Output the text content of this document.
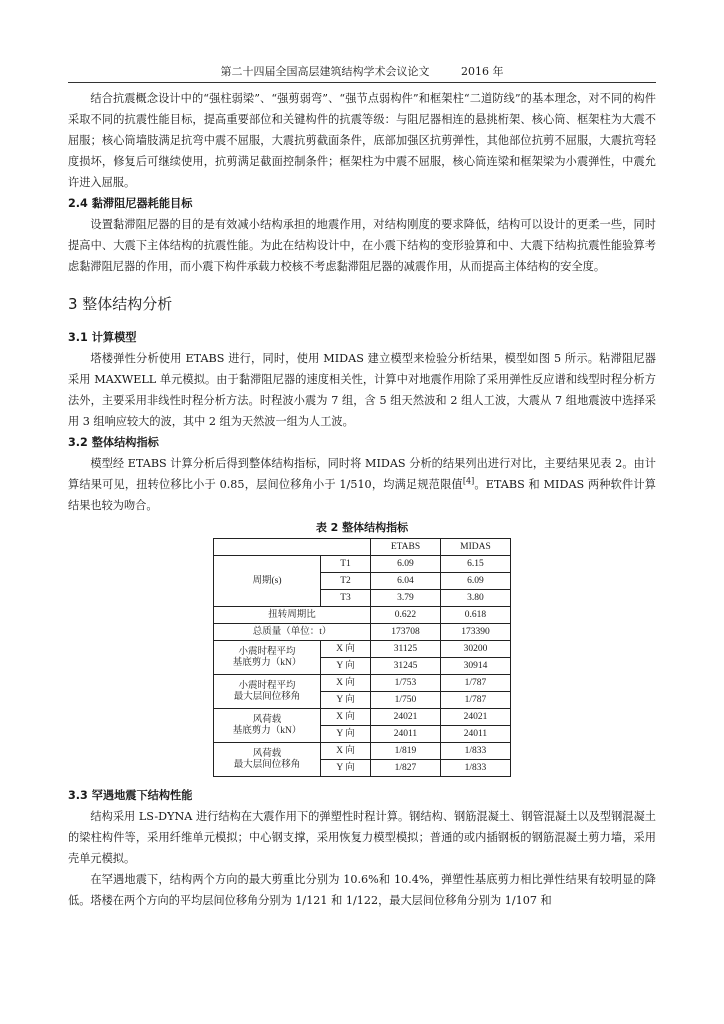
第二十四届全国高层建筑结构学术会议论文	2016 年

结合抗震概念设计中的“强柱弱梁”、“强剪弱弯”、“强节点弱构件”和框架柱“二道防线”的基本理念，对不同的构件采取不同的抗震性能目标，提高重要部位和关键构件的抗震等级：与阻尼器相连的悬挑桁架、核心筒、框架柱为大震不屈服；核心筒墙肢满足抗弯中震不屈服，大震抗剪截面条件，底部加强区抗剪弹性，其他部位抗剪不屈服，大震抗弯轻度损坏，修复后可继续使用，抗剪满足截面控制条件；框架柱为中震不屈服，核心筒连梁和框架梁为小震弹性，中震允许进入屈服。

2.4 黏滞阻尼器耗能目标

设置黏滞阻尼器的目的是有效减小结构承担的地震作用，对结构刚度的要求降低，结构可以设计的更柔一些，同时提高中、大震下主体结构的抗震性能。为此在结构设计中，在小震下结构的变形验算和中、大震下结构抗震性能验算考虑黏滞阻尼器的作用，而小震下构件承载力校核不考虑黏滞阻尼器的减震作用，从而提高主体结构的安全度。

3 整体结构分析
3.1 计算模型

塔楼弹性分析使用 ETABS 进行，同时，使用 MIDAS 建立模型来检验分析结果，模型如图 5 所示。粘滞阻尼器采用 MAXWELL 单元模拟。由于黏滞阻尼器的速度相关性，计算中对地震作用除了采用弹性反应谱和线型时程分析方法外，主要采用非线性时程分析方法。时程波小震为 7 组，含 5 组天然波和 2 组人工波，大震从 7 组地震波中选择采用 3 组响应较大的波，其中 2 组为天然波一组为人工波。

3.2 整体结构指标

模型经 ETABS 计算分析后得到整体结构指标，同时将 MIDAS 分析的结果列出进行对比，主要结果见表 2。由计算结果可见，扭转位移比小于 0.85，层间位移角小于 1/510，均满足规范限值[4]。ETABS 和 MIDAS 两种软件计算结果也较为吻合。

表 2 整体结构指标
		ETABS	MIDAS
周期(s)	T1	6.09	6.15
	T2	6.04	6.09
	T3	3.79	3.80
扭转周期比		0.622	0.618
总质量（单位：t）		173708	173390
小震时程平均
基底剪力（kN）	X 向	31125	30200
	Y 向	31245	30914
小震时程平均
最大层间位移角	X 向	1/753	1/787
	Y 向	1/750	1/787
风荷载
基底剪力（kN）	X 向	24021	24021
	Y 向	24011	24011
风荷载
最大层间位移角	X 向	1/819	1/833
	Y 向	1/827	1/833
3.3 罕遇地震下结构性能

结构采用 LS-DYNA 进行结构在大震作用下的弹塑性时程计算。钢结构、钢筋混凝土、钢管混凝土以及型钢混凝土的梁柱构件等，采用纤维单元模拟；中心钢支撑，采用恢复力模型模拟；普通的或内插钢板的钢筋混凝土剪力墙，采用壳单元模拟。

在罕遇地震下，结构两个方向的最大剪重比分别为 10.6%和 10.4%，弹塑性基底剪力相比弹性结果有较明显的降低。塔楼在两个方向的平均层间位移角分别为 1/121 和 1/122，最大层间位移角分别为 1/107 和
